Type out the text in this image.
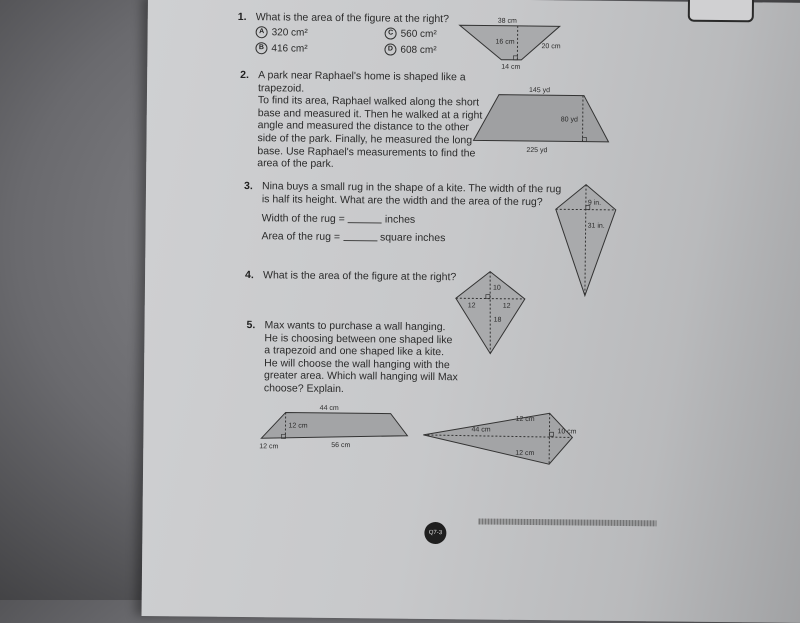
1. What is the area of the figure at the right?
A 320 cm²
B 416 cm²
C 560 cm²
D 608 cm²
38 cm
16 cm
20 cm
14 cm
2. A park near Raphael's home is shaped like a trapezoid.
To find its area, Raphael walked along the short
base and measured it. Then he walked at a right
angle and measured the distance to the other
side of the park. Finally, he measured the long
base. Use Raphael's measurements to find the
area of the park.
145 yd
80 yd
225 yd
3. Nina buys a small rug in the shape of a kite. The width of the rug
is half its height. What are the width and the area of the rug?
Width of the rug =	inches
Area of the rug =	square inches
9 in.
31 in.
4. What is the area of the figure at the right?
10
12	12
18
5. Max wants to purchase a wall hanging.
He is choosing between one shaped like
a trapezoid and one shaped like a kite.
He will choose the wall hanging with the
greater area. Which wall hanging will Max
choose? Explain.
44 cm
12 cm
56 cm
12 cm
44 cm
12 cm
10 cm
12 cm
Q7-3
